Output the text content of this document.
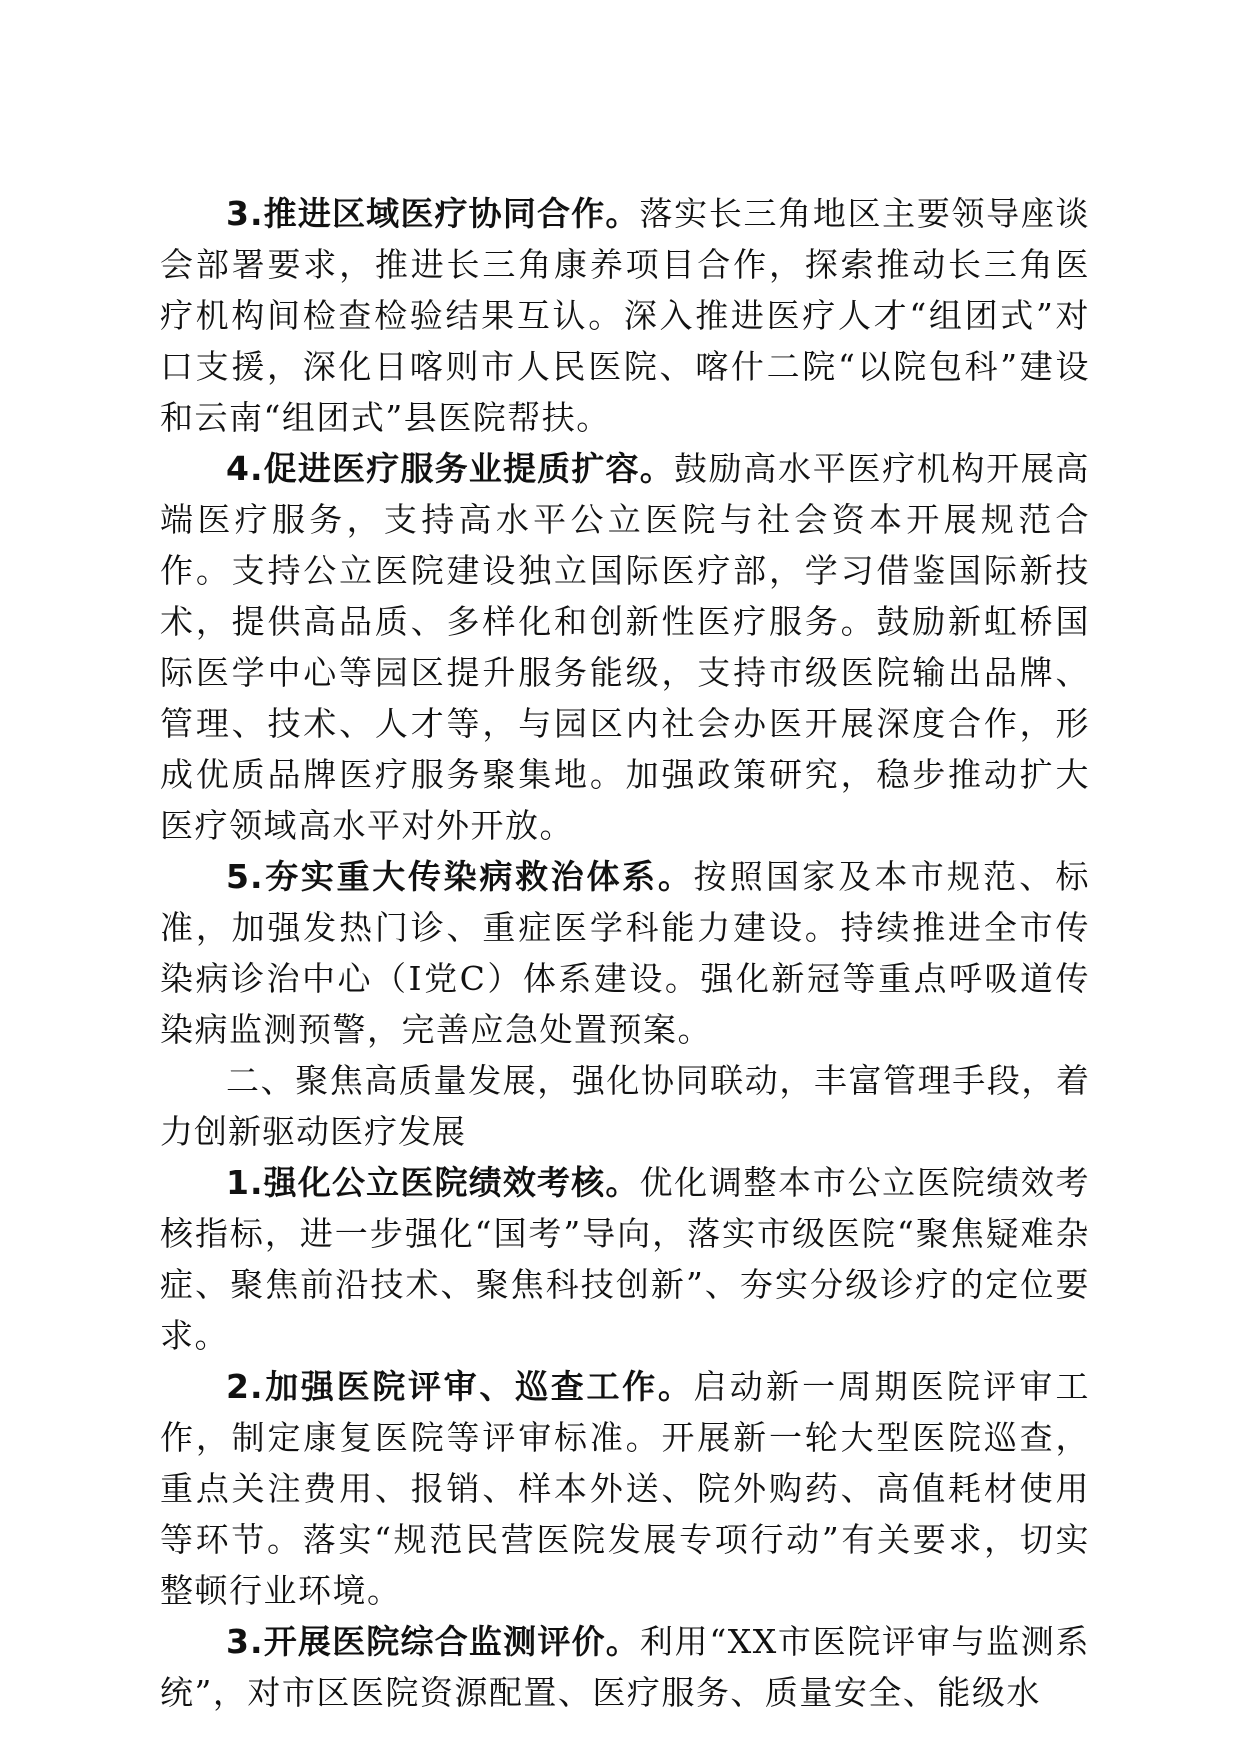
3.推进区域医疗协同合作。落实长三角地区主要领导座谈会部署要求，推进长三角康养项目合作，探索推动长三角医疗机构间检查检验结果互认。深入推进医疗人才“组团式”对口支援，深化日喀则市人民医院、喀什二院“以院包科”建设和云南“组团式”县医院帮扶。

4.促进医疗服务业提质扩容。鼓励高水平医疗机构开展高端医疗服务，支持高水平公立医院与社会资本开展规范合作。支持公立医院建设独立国际医疗部，学习借鉴国际新技术，提供高品质、多样化和创新性医疗服务。鼓励新虹桥国际医学中心等园区提升服务能级，支持市级医院输出品牌、管理、技术、人才等，与园区内社会办医开展深度合作，形成优质品牌医疗服务聚集地。加强政策研究，稳步推动扩大医疗领域高水平对外开放。

5.夯实重大传染病救治体系。按照国家及本市规范、标准，加强发热门诊、重症医学科能力建设。持续推进全市传染病诊治中心（I党C）体系建设。强化新冠等重点呼吸道传染病监测预警，完善应急处置预案。

二、聚焦高质量发展，强化协同联动，丰富管理手段，着力创新驱动医疗发展

1.强化公立医院绩效考核。优化调整本市公立医院绩效考核指标，进一步强化“国考”导向，落实市级医院“聚焦疑难杂症、聚焦前沿技术、聚焦科技创新”、夯实分级诊疗的定位要求。

2.加强医院评审、巡查工作。启动新一周期医院评审工作，制定康复医院等评审标准。开展新一轮大型医院巡查，重点关注费用、报销、样本外送、院外购药、高值耗材使用等环节。落实“规范民营医院发展专项行动”有关要求，切实整顿行业环境。

3.开展医院综合监测评价。利用“XX市医院评审与监测系统”，对市区医院资源配置、医疗服务、质量安全、能级水
